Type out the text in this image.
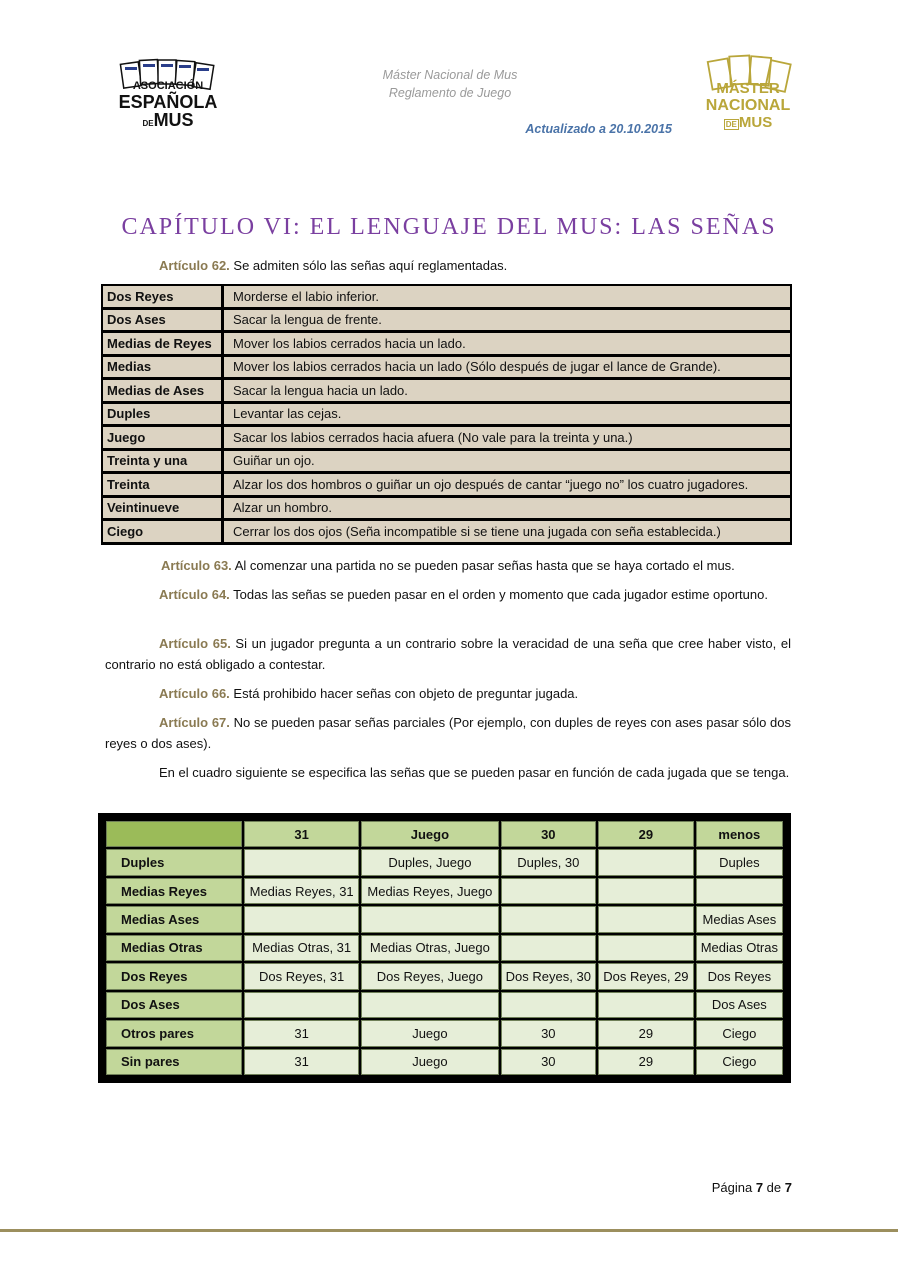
ASOCIACIÓN
ESPAÑOLA
DEMUS
Máster Nacional de Mus
Reglamento de Juego	MÁSTER
NACIONAL
DE MUS
Actualizado a 20.10.2015
CAPÍTULO VI: EL LENGUAJE DEL MUS: LAS SEÑAS
Artículo 62. Se admiten sólo las señas aquí reglamentadas.
Dos Reyes	Morderse el labio inferior.
Dos Ases	Sacar la lengua de frente.
Medias de Reyes	Mover los labios cerrados hacia un lado.
Medias	Mover los labios cerrados hacia un lado (Sólo después de jugar el lance de Grande).
Medias de Ases	Sacar la lengua hacia un lado.
Duples	Levantar las cejas.
Juego	Sacar los labios cerrados hacia afuera (No vale para la treinta y una.)
Treinta y una	Guiñar un ojo.
Treinta	Alzar los dos hombros o guiñar un ojo después de cantar “juego no” los cuatro jugadores.
Veintinueve	Alzar un hombro.
Ciego	Cerrar los dos ojos (Seña incompatible si se tiene una jugada con seña establecida.)
Artículo 63. Al comenzar una partida no se pueden pasar señas hasta que se haya cortado el mus.
Artículo 64. Todas las señas se pueden pasar en el orden y momento que cada jugador estime oportuno.
Artículo 65. Si un jugador pregunta a un contrario sobre la veracidad de una seña que cree haber visto, el contrario no está obligado a contestar.
Artículo 66. Está prohibido hacer señas con objeto de preguntar jugada.
Artículo 67. No se pueden pasar señas parciales (Por ejemplo, con duples de reyes con ases pasar sólo dos reyes o dos ases).
En el cuadro siguiente se especifica las señas que se pueden pasar en función de cada jugada que se tenga.
	31	Juego	30	29	menos
Duples		Duples, Juego	Duples, 30		Duples
Medias Reyes	Medias Reyes, 31	Medias Reyes, Juego			
Medias Ases					Medias Ases
Medias Otras	Medias Otras, 31	Medias Otras, Juego			Medias Otras
Dos Reyes	Dos Reyes, 31	Dos Reyes, Juego	Dos Reyes, 30	Dos Reyes, 29	Dos Reyes
Dos Ases					Dos Ases
Otros pares	31	Juego	30	29	Ciego
Sin pares	31	Juego	30	29	Ciego
Página 7 de 7
